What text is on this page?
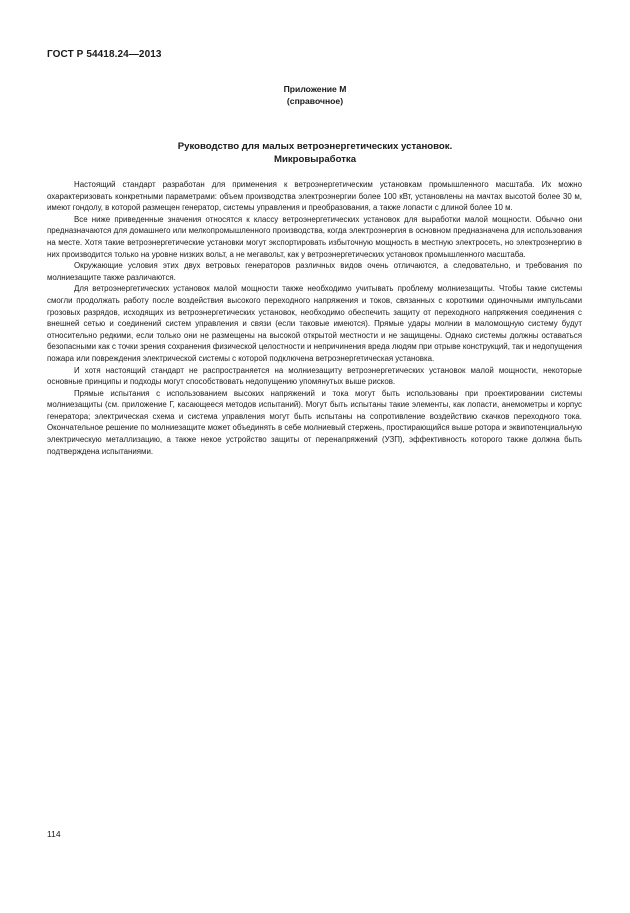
ГОСТ Р 54418.24—2013
Приложение М
(справочное)
Руководство для малых ветроэнергетических установок.
Микровыработка

Настоящий стандарт разработан для применения к ветроэнергетическим установкам промышленного масштаба. Их можно охарактеризовать конкретными параметрами: объем производства электроэнергии более 100 кВт, установлены на мачтах высотой более 30 м, имеют гондолу, в которой размещен генератор, системы управления и преобразования, а также лопасти с длиной более 10 м.

Все ниже приведенные значения относятся к классу ветроэнергетических установок для выработки малой мощности. Обычно они предназначаются для домашнего или мелкопромышленного производства, когда электроэнергия в основном предназначена для использования на месте. Хотя такие ветроэнергетические установки могут экспортировать избыточную мощность в местную электросеть, но электроэнергию в них производится только на уровне низких вольт, а не мегавольт, как у ветроэнергетических установок промышленного масштаба.

Окружающие условия этих двух ветровых генераторов различных видов очень отличаются, а следовательно, и требования по молниезащите также различаются.

Для ветроэнергетических установок малой мощности также необходимо учитывать проблему молниезащиты. Чтобы такие системы смогли продолжать работу после воздействия высокого переходного напряжения и токов, связанных с короткими одиночными импульсами грозовых разрядов, исходящих из ветроэнергетических установок, необходимо обеспечить защиту от переходного напряжения соединения с внешней сетью и соединений систем управления и связи (если таковые имеются). Прямые удары молнии в маломощную систему будут относительно редкими, если только они не размещены на высокой открытой местности и не защищены. Однако системы должны оставаться безопасными как с точки зрения сохранения физической целостности и непричинения вреда людям при отрыве конструкций, так и недопущения пожара или повреждения электрической системы с которой подключена ветроэнергетическая установка.

И хотя настоящий стандарт не распространяется на молниезащиту ветроэнергетических установок малой мощности, некоторые основные принципы и подходы могут способствовать недопущению упомянутых выше рисков.

Прямые испытания с использованием высоких напряжений и тока могут быть использованы при проектировании системы молниезащиты (см. приложение Г, касающееся методов испытаний). Могут быть испытаны такие элементы, как лопасти, анемометры и корпус генератора; электрическая схема и система управления могут быть испытаны на сопротивление воздействию скачков переходного тока. Окончательное решение по молниезащите может объединять в себе молниевый стержень, простирающийся выше ротора и эквипотенциальную электрическую металлизацию, а также некое устройство защиты от перенапряжений (УЗП), эффективность которого также должна быть подтверждена испытаниями.

114
